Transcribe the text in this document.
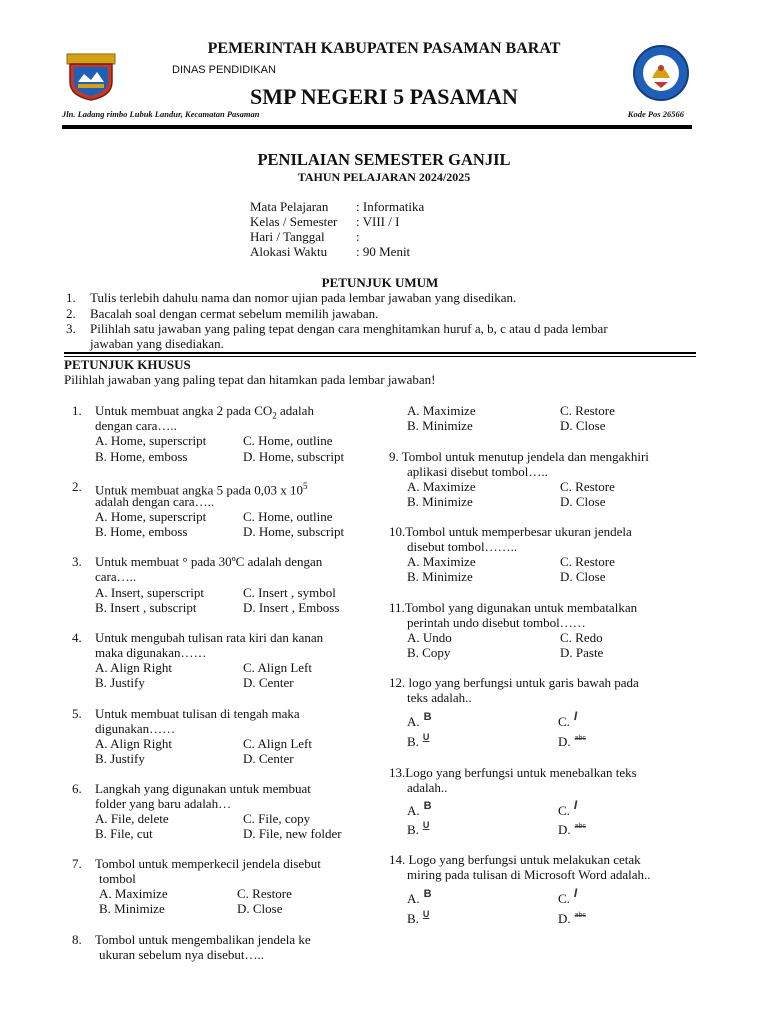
PEMERINTAH KABUPATEN PASAMAN BARAT
DINAS PENDIDIKAN
SMP NEGERI 5 PASAMAN
Jln. Ladang rimbo Lubuk Landur, Kecamatan Pasaman	Kode Pos 26566
PENILAIAN SEMESTER GANJIL
TAHUN PELAJARAN 2024/2025
Mata Pelajaran : Informatika
Kelas / Semester : VIII / I
Hari / Tanggal :
Alokasi Waktu : 90 Menit
PETUNJUK UMUM
1. Tulis terlebih dahulu nama dan nomor ujian pada lembar jawaban yang disedikan.
2. Bacalah soal dengan cermat sebelum memilih jawaban.
3. Pilihlah satu jawaban yang paling tepat dengan cara menghitamkan huruf a, b, c atau d pada lembar
jawaban yang disediakan.
PETUNJUK KHUSUS
Pilihlah jawaban yang paling tepat dan hitamkan pada lembar jawaban!
1. Untuk membuat angka 2 pada $CO_2$ adalah
dengan cara…..
A. Home, superscript	C. Home, outline
B. Home, emboss	D. Home, subscript
2. Untuk membuat angka 5 pada 0,03 x $10^5$
adalah dengan cara…..
A. Home, superscript	C. Home, outline
B. Home, emboss	D. Home, subscript
3. Untuk membuat ° pada 30ºC adalah dengan
cara…..
A. Insert, superscript	C. Insert , symbol
B. Insert , subscript	D. Insert , Emboss
4. Untuk mengubah tulisan rata kiri dan kanan
maka digunakan……
A. Align Right	C. Align Left
B. Justify	D. Center
5. Untuk membuat tulisan di tengah maka
digunakan……
A. Align Right	C. Align Left
B. Justify	D. Center
6. Langkah yang digunakan untuk membuat
folder yang baru adalah…
A. File, delete	C. File, copy
B. File, cut	D. File, new folder
7. Tombol untuk memperkecil jendela disebut
tombol
A. Maximize	C. Restore
B. Minimize	D. Close
8. Tombol untuk mengembalikan jendela ke
ukuran sebelum nya disebut…..
A. Maximize	C. Restore
B. Minimize	D. Close
9. Tombol untuk menutup jendela dan mengakhiri
aplikasi disebut tombol…..
A. Maximize	C. Restore
B. Minimize	D. Close
10.Tombol untuk memperbesar ukuran jendela
disebut tombol……..
A. Maximize	C. Restore
B. Minimize	D. Close
11.Tombol yang digunakan untuk membatalkan
perintah undo disebut tombol……
A. Undo	C. Redo
B. Copy	D. Paste
12. logo yang berfungsi untuk garis bawah pada
teks adalah..
A. B	C. I
B. U	D. abc
13.Logo yang berfungsi untuk menebalkan teks
adalah..
A. B	C. I
B. U	D. abc
14. Logo yang berfungsi untuk melakukan cetak
miring pada tulisan di Microsoft Word adalah..
A. B	C. I
B. U	D. abc
